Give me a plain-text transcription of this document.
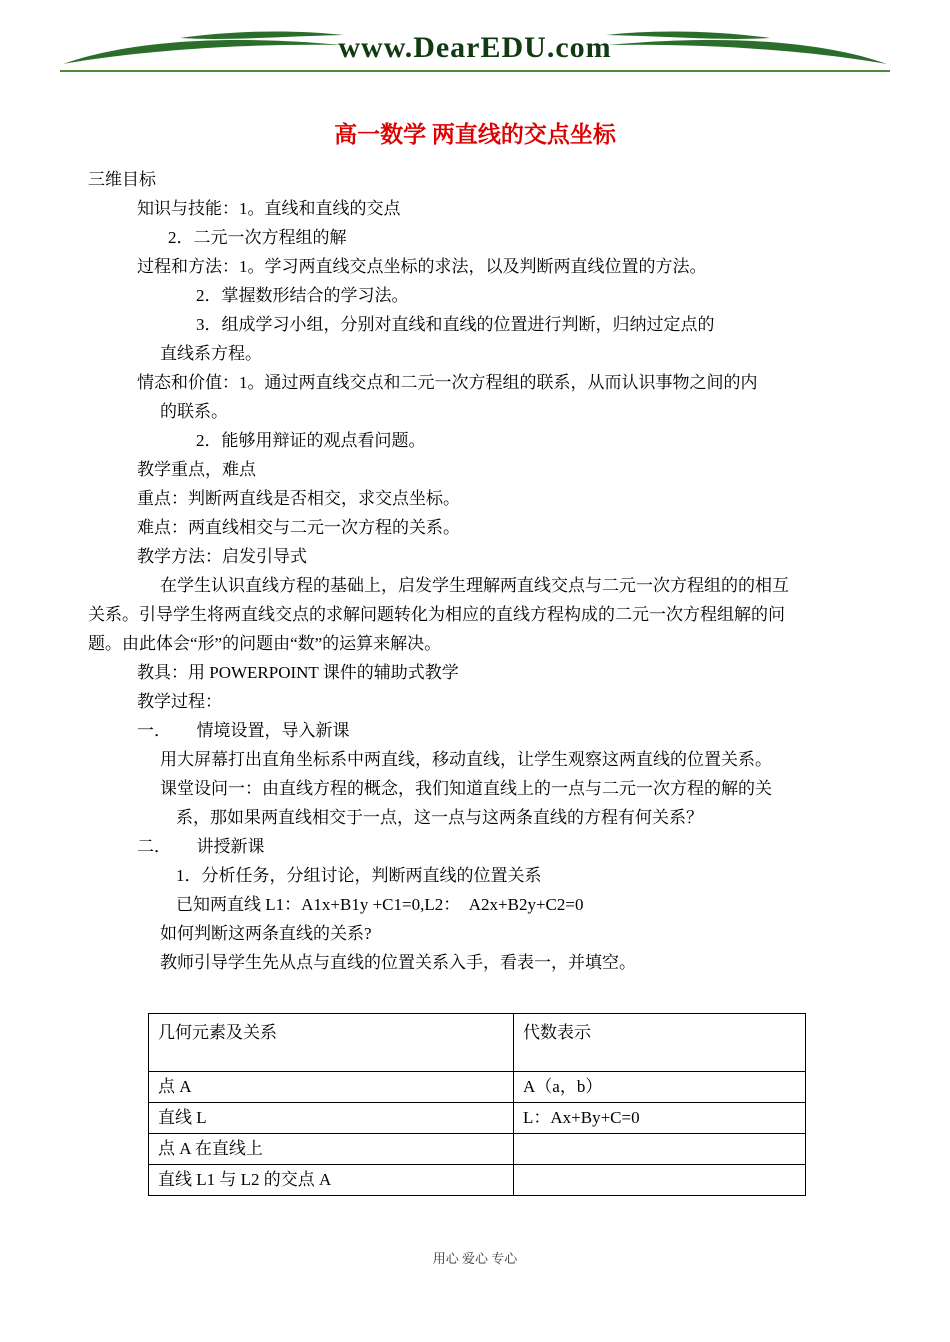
www.DearEDU.com
高一数学 两直线的交点坐标

三维目标

知识与技能：1。直线和直线的交点

2．二元一次方程组的解

过程和方法：1。学习两直线交点坐标的求法，以及判断两直线位置的方法。

2．掌握数形结合的学习法。

3．组成学习小组，分别对直线和直线的位置进行判断，归纳过定点的

直线系方程。

情态和价值：1。通过两直线交点和二元一次方程组的联系，从而认识事物之间的内

的联系。

2．能够用辩证的观点看问题。

教学重点，难点

重点：判断两直线是否相交，求交点坐标。

难点：两直线相交与二元一次方程的关系。

教学方法：启发引导式

在学生认识直线方程的基础上，启发学生理解两直线交点与二元一次方程组的的相互

关系。引导学生将两直线交点的求解问题转化为相应的直线方程构成的二元一次方程组解的问

题。由此体会“形”的问题由“数”的运算来解决。

教具：用 POWERPOINT 课件的辅助式教学

教学过程：

一．　　情境设置，导入新课

用大屏幕打出直角坐标系中两直线，移动直线，让学生观察这两直线的位置关系。

课堂设问一：由直线方程的概念，我们知道直线上的一点与二元一次方程的解的关

系，那如果两直线相交于一点，这一点与这两条直线的方程有何关系？

二．　　讲授新课

1．分析任务，分组讨论，判断两直线的位置关系

已知两直线 L1：A1x+B1y +C1=0,L2：　A2x+B2y+C2=0

如何判断这两条直线的关系?

教师引导学生先从点与直线的位置关系入手，看表一，并填空。

几何元素及关系	代数表示
点 A	A（a，b）
直线 L	L：Ax+By+C=0
点 A 在直线上	
直线 L1 与 L2 的交点 A	
用心 爱心 专心
